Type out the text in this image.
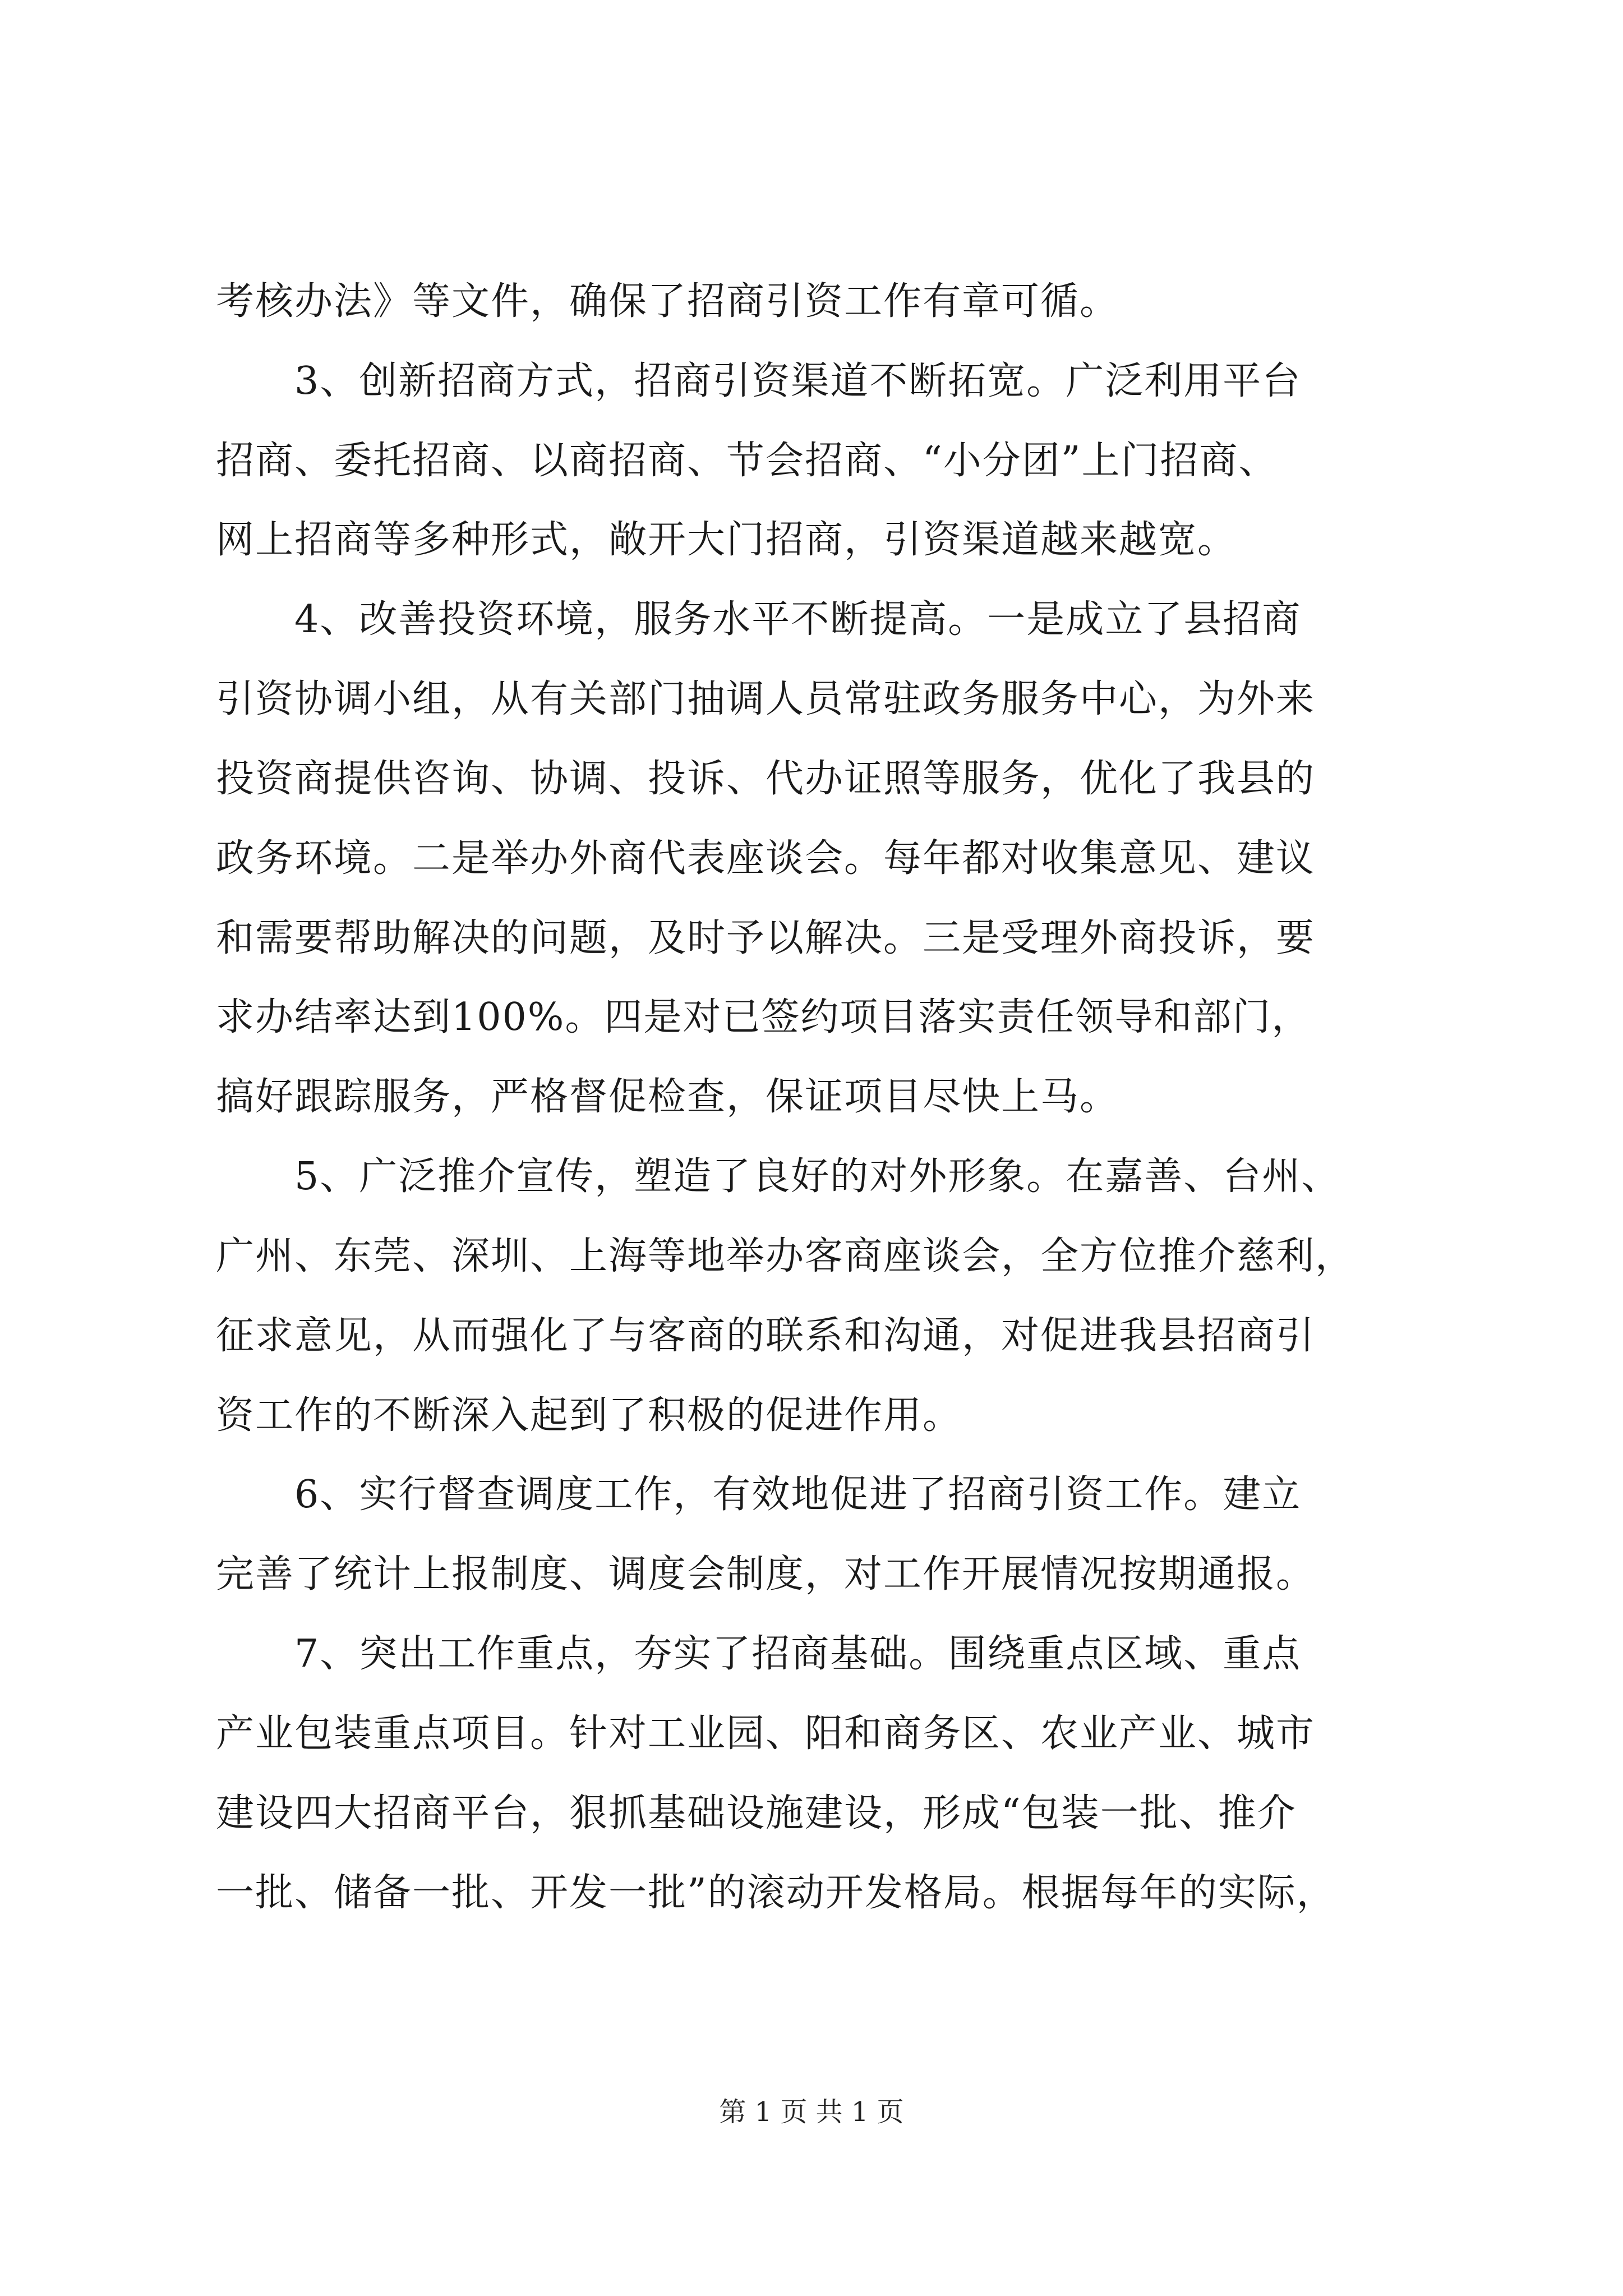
考核办法》等文件，确保了招商引资工作有章可循。
　　3、创新招商方式，招商引资渠道不断拓宽。广泛利用平台
招商、委托招商、以商招商、节会招商、“小分团”上门招商、
网上招商等多种形式，敞开大门招商，引资渠道越来越宽。
　　4、改善投资环境，服务水平不断提高。一是成立了县招商
引资协调小组，从有关部门抽调人员常驻政务服务中心，为外来
投资商提供咨询、协调、投诉、代办证照等服务，优化了我县的
政务环境。二是举办外商代表座谈会。每年都对收集意见、建议
和需要帮助解决的问题，及时予以解决。三是受理外商投诉，要
求办结率达到100%。四是对已签约项目落实责任领导和部门，
搞好跟踪服务，严格督促检查，保证项目尽快上马。
　　5、广泛推介宣传，塑造了良好的对外形象。在嘉善、台州、
广州、东莞、深圳、上海等地举办客商座谈会，全方位推介慈利，
征求意见，从而强化了与客商的联系和沟通，对促进我县招商引
资工作的不断深入起到了积极的促进作用。
　　6、实行督查调度工作，有效地促进了招商引资工作。建立
完善了统计上报制度、调度会制度，对工作开展情况按期通报。
　　7、突出工作重点，夯实了招商基础。围绕重点区域、重点
产业包装重点项目。针对工业园、阳和商务区、农业产业、城市
建设四大招商平台，狠抓基础设施建设，形成“包装一批、推介
一批、储备一批、开发一批”的滚动开发格局。根据每年的实际，
第 1 页 共 1 页
